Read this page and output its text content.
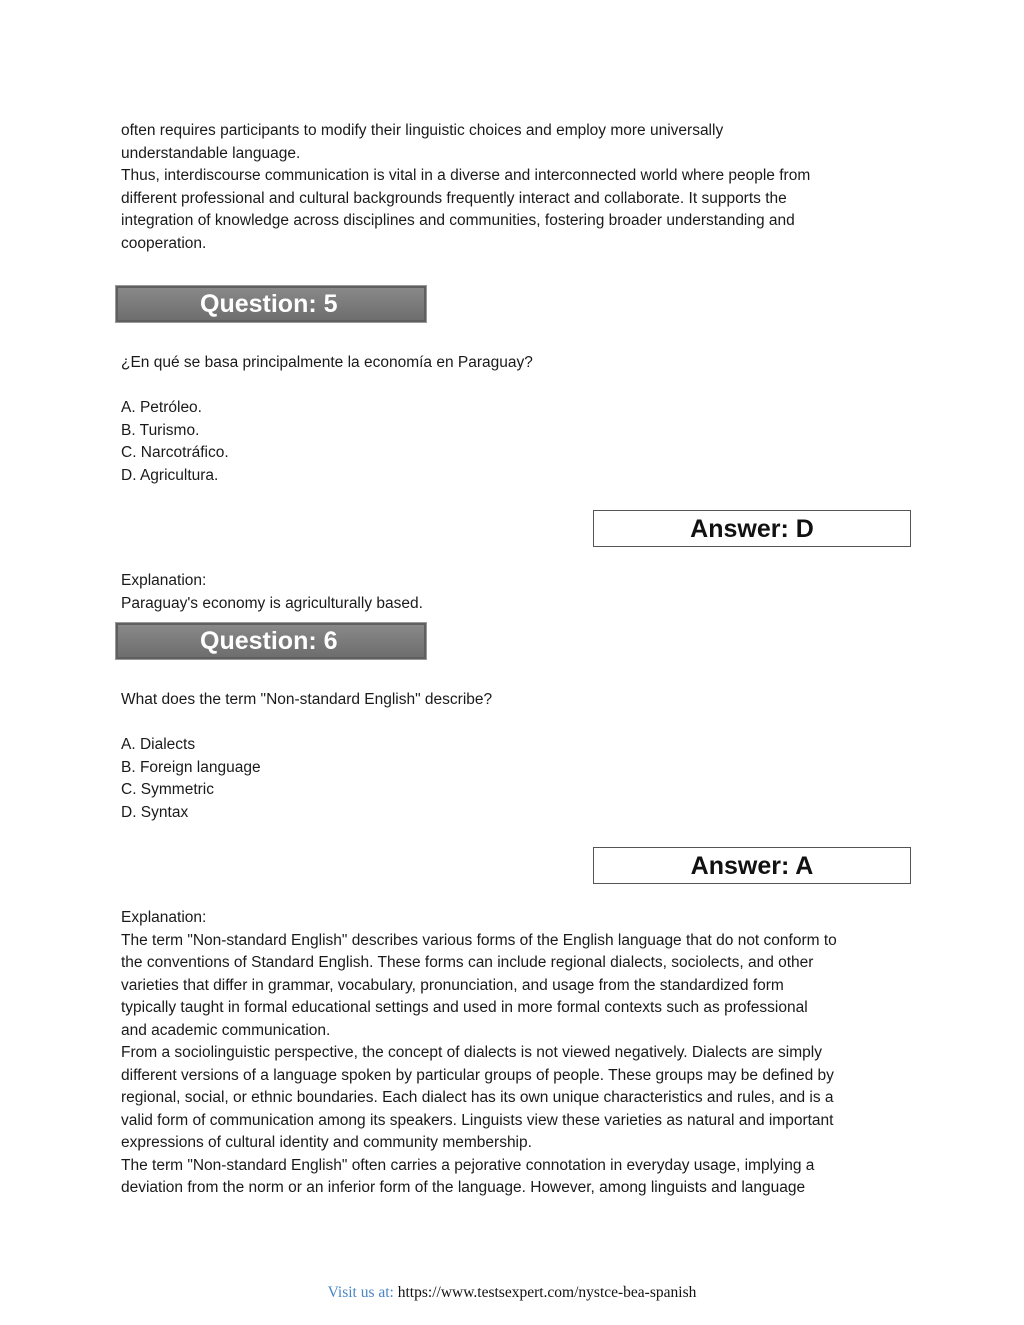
often requires participants to modify their linguistic choices and employ more universally
understandable language.
Thus, interdiscourse communication is vital in a diverse and interconnected world where people from
different professional and cultural backgrounds frequently interact and collaborate. It supports the
integration of knowledge across disciplines and communities, fostering broader understanding and
cooperation.
Question: 5
¿En qué se basa principalmente la economía en Paraguay?
A. Petróleo.
B. Turismo.
C. Narcotráfico.
D. Agricultura.
Answer: D
Explanation:
Paraguay's economy is agriculturally based.
Question: 6
What does the term "Non-standard English" describe?
A. Dialects
B. Foreign language
C. Symmetric
D. Syntax
Answer: A
Explanation:
The term "Non-standard English" describes various forms of the English language that do not conform to
the conventions of Standard English. These forms can include regional dialects, sociolects, and other
varieties that differ in grammar, vocabulary, pronunciation, and usage from the standardized form
typically taught in formal educational settings and used in more formal contexts such as professional
and academic communication.
From a sociolinguistic perspective, the concept of dialects is not viewed negatively. Dialects are simply
different versions of a language spoken by particular groups of people. These groups may be defined by
regional, social, or ethnic boundaries. Each dialect has its own unique characteristics and rules, and is a
valid form of communication among its speakers. Linguists view these varieties as natural and important
expressions of cultural identity and community membership.
The term "Non-standard English" often carries a pejorative connotation in everyday usage, implying a
deviation from the norm or an inferior form of the language. However, among linguists and language
Visit us at: https://www.testsexpert.com/nystce-bea-spanish
